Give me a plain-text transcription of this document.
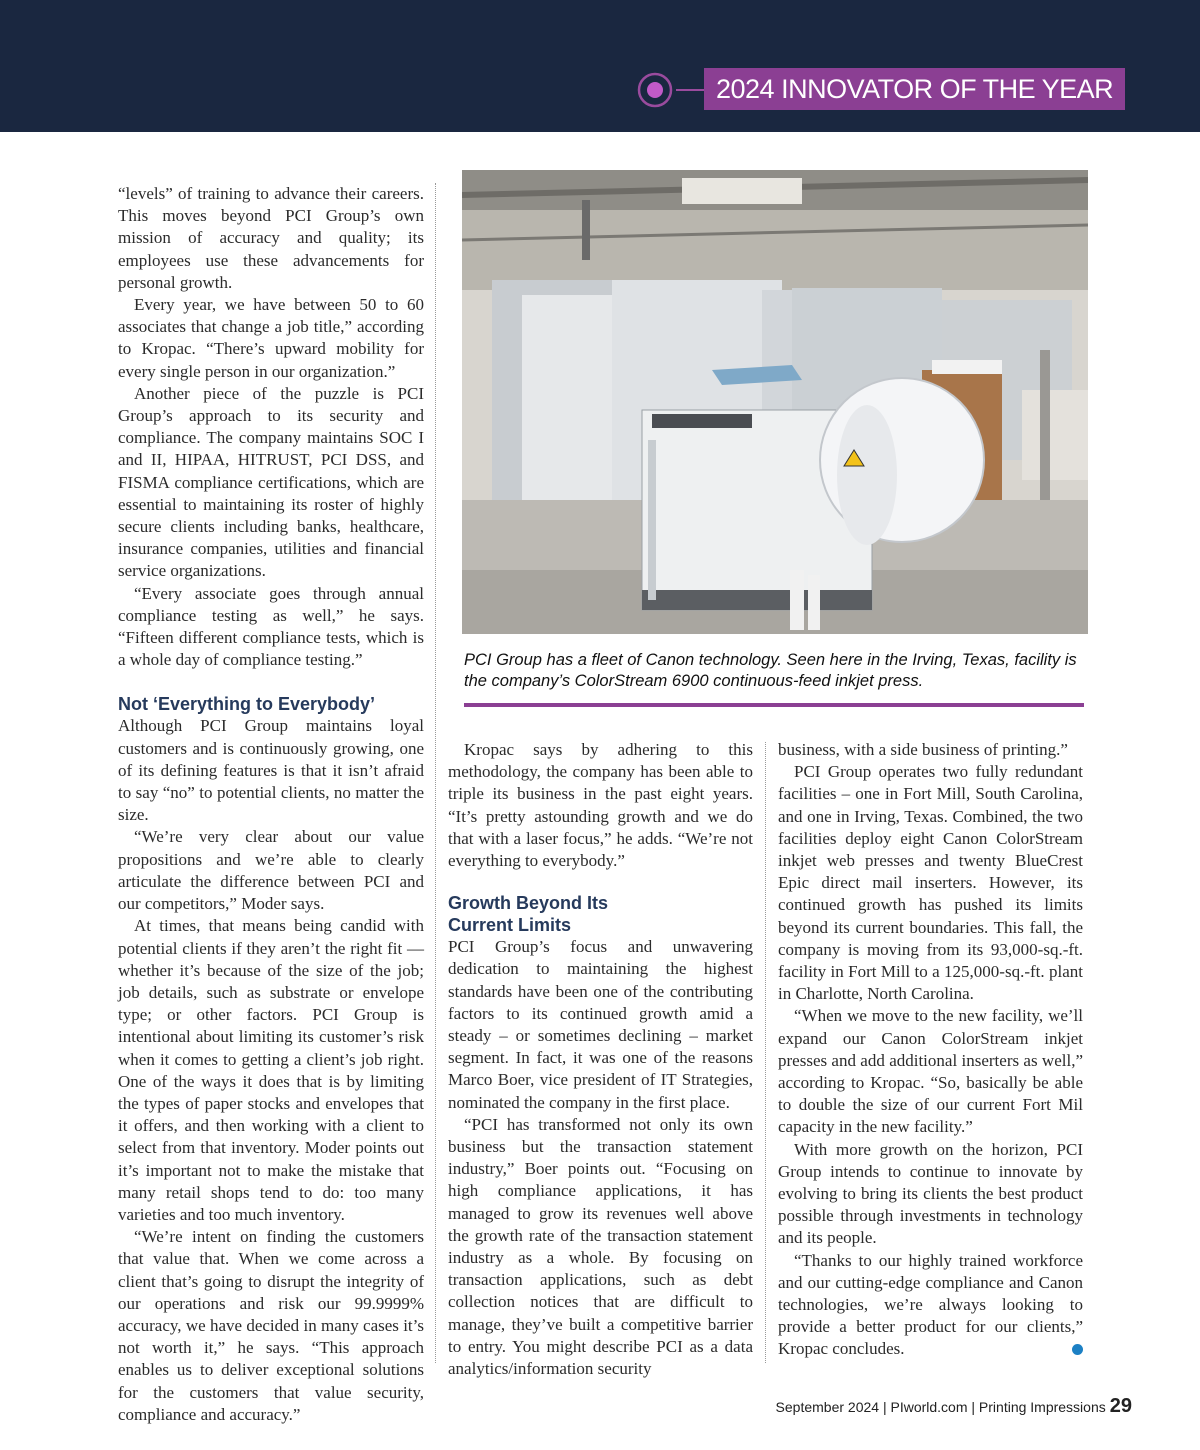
2024 INNOVATOR OF THE YEAR

“levels” of training to advance their careers. This moves beyond PCI Group’s own mission of accuracy and quality; its employees use these advancements for personal growth.

Every year, we have between 50 to 60 associates that change a job title,” according to Kropac. “There’s upward mobility for every single person in our organization.”

Another piece of the puzzle is PCI Group’s approach to its security and compliance. The company maintains SOC I and II, HIPAA, HITRUST, PCI DSS, and FISMA compliance certifications, which are essential to maintaining its roster of highly secure clients including banks, healthcare, insurance companies, utilities and financial service organizations.

“Every associate goes through annual compliance testing as well,” he says. “Fifteen different compliance tests, which is a whole day of compliance testing.”

Not ‘Everything to Everybody’

Although PCI Group maintains loyal customers and is continuously growing, one of its defining features is that it isn’t afraid to say “no” to potential clients, no matter the size.

“We’re very clear about our value propositions and we’re able to clearly articulate the difference between PCI and our competitors,” Moder says.

At times, that means being candid with potential clients if they aren’t the right fit — whether it’s because of the size of the job; job details, such as substrate or envelope type; or other factors. PCI Group is intentional about limiting its customer’s risk when it comes to getting a client’s job right. One of the ways it does that is by limiting the types of paper stocks and envelopes that it offers, and then working with a client to select from that inventory. Moder points out it’s important not to make the mistake that many retail shops tend to do: too many varieties and too much inventory.

“We’re intent on finding the customers that value that. When we come across a client that’s going to disrupt the integrity of our operations and risk our 99.9999% accuracy, we have decided in many cases it’s not worth it,” he says. “This approach enables us to deliver exceptional solutions for the customers that value security, compliance and accuracy.”

PCI Group has a fleet of Canon technology. Seen here in the Irving, Texas, facility is the company’s ColorStream 6900 continuous-feed inkjet press.

Kropac says by adhering to this methodology, the company has been able to triple its business in the past eight years. “It’s pretty astounding growth and we do that with a laser focus,” he adds. “We’re not everything to everybody.”

Growth Beyond Its
Current Limits

PCI Group’s focus and unwavering dedication to maintaining the highest standards have been one of the contributing factors to its continued growth amid a steady – or sometimes declining – market segment. In fact, it was one of the reasons Marco Boer, vice president of IT Strategies, nominated the company in the first place.

“PCI has transformed not only its own business but the transaction statement industry,” Boer points out. “Focusing on high compliance applications, it has managed to grow its revenues well above the growth rate of the transaction statement industry as a whole. By focusing on transaction applications, such as debt collection notices that are difficult to manage, they’ve built a competitive barrier to entry. You might describe PCI as a data analytics/information security

business, with a side business of printing.”

PCI Group operates two fully redundant facilities – one in Fort Mill, South Carolina, and one in Irving, Texas. Combined, the two facilities deploy eight Canon ColorStream inkjet web presses and twenty BlueCrest Epic direct mail inserters. However, its continued growth has pushed its limits beyond its current boundaries. This fall, the company is moving from its 93,000-sq.-ft. facility in Fort Mill to a 125,000-sq.-ft. plant in Charlotte, North Carolina.

“When we move to the new facility, we’ll expand our Canon ColorStream inkjet presses and add additional inserters as well,” according to Kropac. “So, basically be able to double the size of our current Fort Mil capacity in the new facility.”

With more growth on the horizon, PCI Group intends to continue to innovate by evolving to bring its clients the best product possible through investments in technology and its people.

“Thanks to our highly trained workforce and our cutting-edge compliance and Canon technologies, we’re always looking to provide a better product for our clients,” Kropac concludes.

September 2024 | PIworld.com | Printing Impressions 29
